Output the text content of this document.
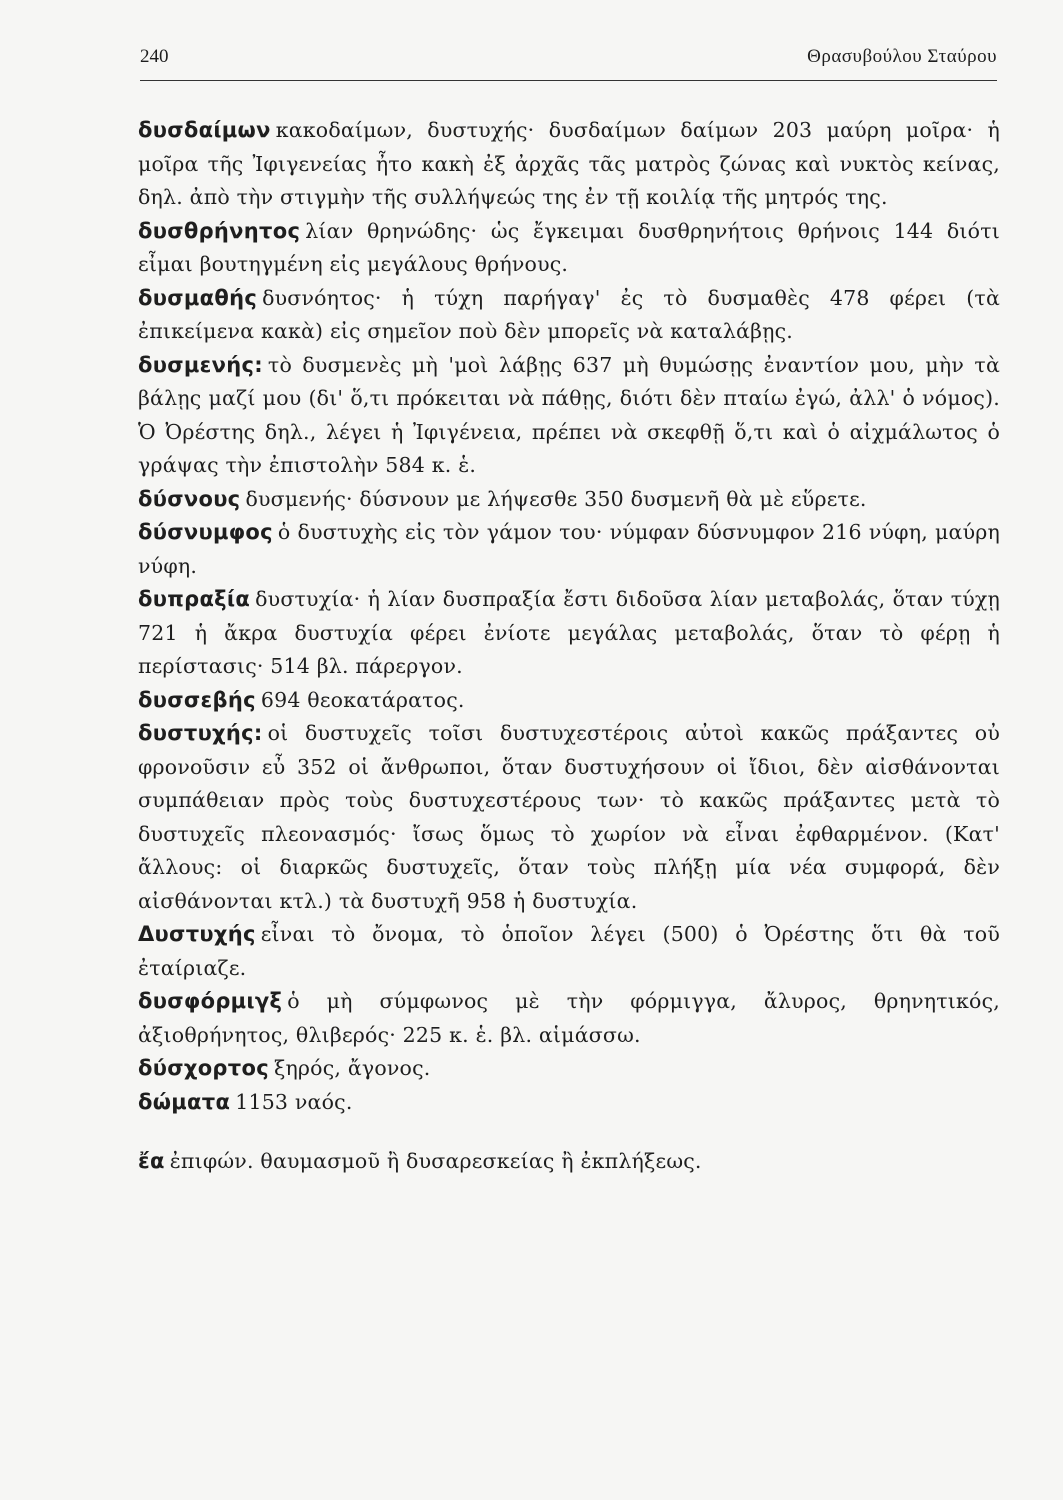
240	Θρασυβούλου Σταύρου

δυσδαίμων κακοδαίμων, δυστυχής· δυσδαίμων δαίμων 203 μαύρη μοῖρα· ἡ μοῖρα τῆς Ἰφιγενείας ἦτο κακὴ ἐξ ἀρχᾶς τᾶς ματρὸς ζώνας καὶ νυκτὸς κείνας, δηλ. ἀπὸ τὴν στιγμὴν τῆς συλλήψεώς της ἐν τῇ κοιλίᾳ τῆς μητρός της.

δυσθρήνητος λίαν θρηνώδης· ὡς ἔγκειμαι δυσθρηνήτοις θρήνοις 144 διότι εἶμαι βουτηγμένη εἰς μεγάλους θρήνους.

δυσμαθής δυσνόητος· ἡ τύχη παρήγαγ' ἐς τὸ δυσμαθὲς 478 φέρει (τὰ ἐπικείμενα κακὰ) εἰς σημεῖον ποὺ δὲν μπορεῖς νὰ καταλάβῃς.

δυσμενής: τὸ δυσμενὲς μὴ 'μοὶ λάβῃς 637 μὴ θυμώσῃς ἐναντίον μου, μὴν τὰ βάλῃς μαζί μου (δι' ὅ,τι πρόκειται νὰ πάθῃς, διότι δὲν πταίω ἐγώ, ἀλλ' ὁ νόμος). Ὁ Ὀρέστης δηλ., λέγει ἡ Ἰφιγένεια, πρέπει νὰ σκεφθῇ ὅ,τι καὶ ὁ αἰχμάλωτος ὁ γράψας τὴν ἐπιστολὴν 584 κ. ἑ.

δύσνους δυσμενής· δύσνουν με λήψεσθε 350 δυσμενῆ θὰ μὲ εὕρετε.

δύσνυμφος ὁ δυστυχὴς εἰς τὸν γάμον του· νύμφαν δύσνυμφον 216 νύφη, μαύρη νύφη.

δυπραξία δυστυχία· ἡ λίαν δυσπραξία ἔστι διδοῦσα λίαν μεταβολάς, ὅταν τύχῃ 721 ἡ ἄκρα δυστυχία φέρει ἐνίοτε μεγάλας μεταβολάς, ὅταν τὸ φέρῃ ἡ περίστασις· 514 βλ. πάρεργον.

δυσσεβής 694 θεοκατάρατος.

δυστυχής: οἱ δυστυχεῖς τοῖσι δυστυχεστέροις αὐτοὶ κακῶς πράξαντες οὐ φρονοῦσιν εὖ 352 οἱ ἄνθρωποι, ὅταν δυστυχήσουν οἱ ἴδιοι, δὲν αἰσθάνονται συμπάθειαν πρὸς τοὺς δυστυχεστέρους των· τὸ κακῶς πράξαντες μετὰ τὸ δυστυχεῖς πλεονασμός· ἴσως ὅμως τὸ χωρίον νὰ εἶναι ἐφθαρμένον. (Κατ' ἄλλους: οἱ διαρκῶς δυστυχεῖς, ὅταν τοὺς πλήξῃ μία νέα συμφορά, δὲν αἰσθάνονται κτλ.) τὰ δυστυχῆ 958 ἡ δυστυχία.

Δυστυχής εἶναι τὸ ὄνομα, τὸ ὁποῖον λέγει (500) ὁ Ὀρέστης ὅτι θὰ τοῦ ἐταίριαζε.

δυσφόρμιγξ ὁ μὴ σύμφωνος μὲ τὴν φόρμιγγα, ἄλυρος, θρηνητικός, ἀξιοθρήνητος, θλιβερός· 225 κ. ἑ. βλ. αἱμάσσω.

δύσχορτος ξηρός, ἄγονος.

δώματα 1153 ναός.

ἔα ἐπιφών. θαυμασμοῦ ἢ δυσαρεσκείας ἢ ἐκπλήξεως.
